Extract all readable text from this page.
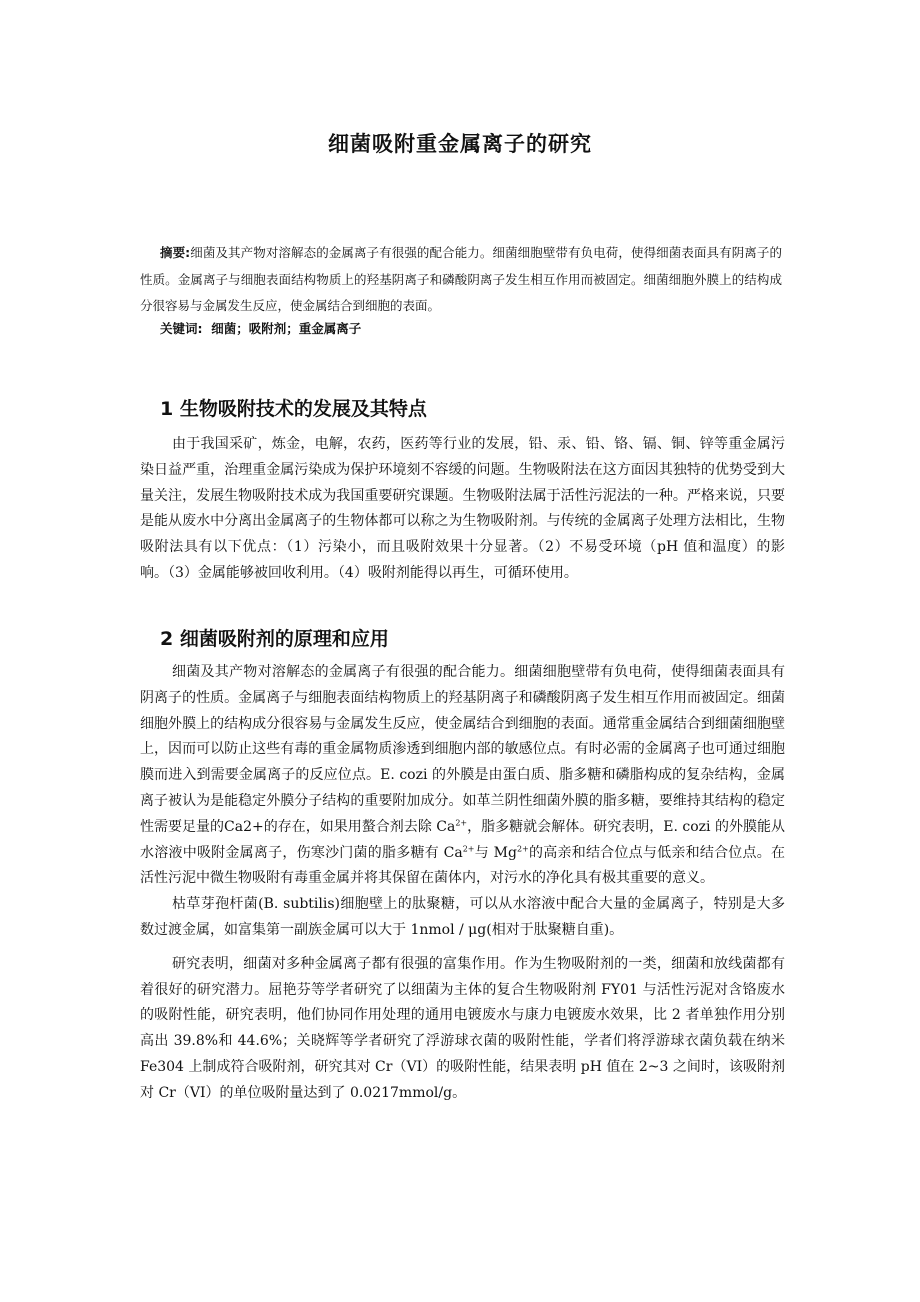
细菌吸附重金属离子的研究
摘要:细菌及其产物对溶解态的金属离子有很强的配合能力。细菌细胞壁带有负电荷，使得细菌表面具有阴离子的性质。金属离子与细胞表面结构物质上的羟基阴离子和磷酸阴离子发生相互作用而被固定。细菌细胞外膜上的结构成分很容易与金属发生反应，使金属结合到细胞的表面。
关键词: 细菌；吸附剂；重金属离子
1 生物吸附技术的发展及其特点

由于我国采矿，炼金，电解，农药，医药等行业的发展，铅、汞、铅、铬、镉、铜、锌等重金属污染日益严重，治理重金属污染成为保护环境刻不容缓的问题。生物吸附法在这方面因其独特的优势受到大量关注，发展生物吸附技术成为我国重要研究课题。生物吸附法属于活性污泥法的一种。严格来说，只要是能从废水中分离出金属离子的生物体都可以称之为生物吸附剂。与传统的金属离子处理方法相比，生物吸附法具有以下优点：（1）污染小，而且吸附效果十分显著。（2）不易受环境（pH 值和温度）的影响。（3）金属能够被回收利用。（4）吸附剂能得以再生，可循环使用。

2 细菌吸附剂的原理和应用

细菌及其产物对溶解态的金属离子有很强的配合能力。细菌细胞壁带有负电荷，使得细菌表面具有阴离子的性质。金属离子与细胞表面结构物质上的羟基阴离子和磷酸阴离子发生相互作用而被固定。细菌细胞外膜上的结构成分很容易与金属发生反应，使金属结合到细胞的表面。通常重金属结合到细菌细胞壁上，因而可以防止这些有毒的重金属物质渗透到细胞内部的敏感位点。有时必需的金属离子也可通过细胞膜而进入到需要金属离子的反应位点。E. cozi 的外膜是由蛋白质、脂多糖和磷脂构成的复杂结构，金属离子被认为是能稳定外膜分子结构的重要附加成分。如革兰阴性细菌外膜的脂多糖，要维持其结构的稳定性需要足量的Ca2+的存在，如果用螯合剂去除 $Ca^{2+}$，脂多糖就会解体。研究表明，E. cozi 的外膜能从水溶液中吸附金属离子，伤寒沙门菌的脂多糖有 $Ca^{2+}$与 $Mg^{2+}$的高亲和结合位点与低亲和结合位点。在活性污泥中微生物吸附有毒重金属并将其保留在菌体内，对污水的净化具有极其重要的意义。

枯草芽孢杆菌(B. subtilis)细胞壁上的肽聚糖，可以从水溶液中配合大量的金属离子，特别是大多数过渡金属，如富集第一副族金属可以大于 1nmol / μg(相对于肽聚糖自重)。

研究表明，细菌对多种金属离子都有很强的富集作用。作为生物吸附剂的一类，细菌和放线菌都有着很好的研究潜力。屈艳芬等学者研究了以细菌为主体的复合生物吸附剂 FY01 与活性污泥对含铬废水的吸附性能，研究表明，他们协同作用处理的通用电镀废水与康力电镀废水效果，比 2 者单独作用分别高出 39.8%和 44.6%；关晓辉等学者研究了浮游球衣菌的吸附性能，学者们将浮游球衣菌负载在纳米 Fe304 上制成符合吸附剂，研究其对 Cr（VI）的吸附性能，结果表明 pH 值在 2~3 之间时，该吸附剂对 Cr（VI）的单位吸附量达到了 0.0217mmol/g。
